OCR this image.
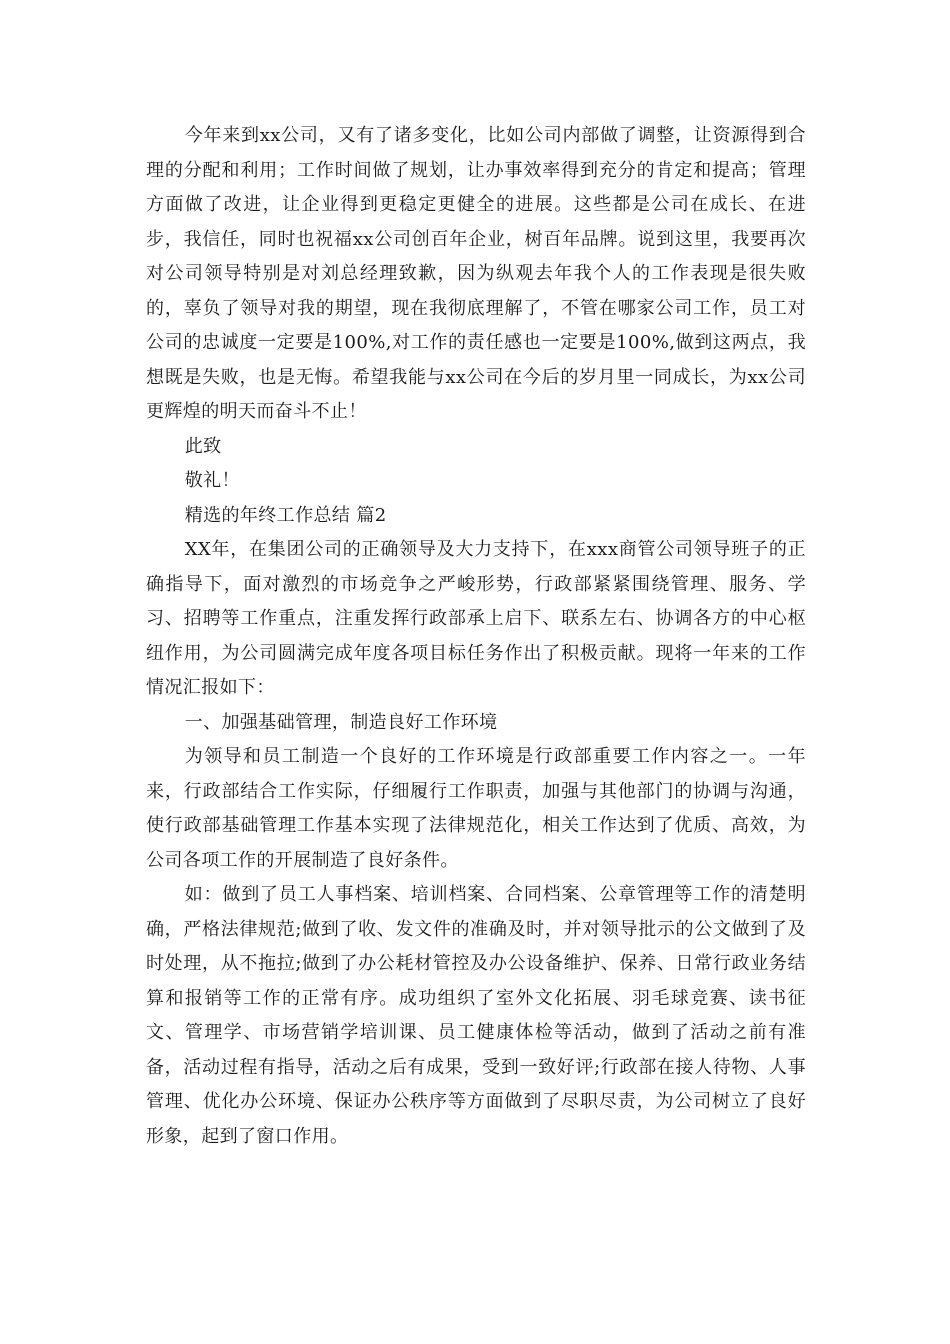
今年来到xx公司，又有了诸多变化，比如公司内部做了调整，让资源得到合理的分配和利用；工作时间做了规划，让办事效率得到充分的肯定和提高；管理方面做了改进，让企业得到更稳定更健全的进展。这些都是公司在成长、在进步，我信任，同时也祝福xx公司创百年企业，树百年品牌。说到这里，我要再次对公司领导特别是对刘总经理致歉，因为纵观去年我个人的工作表现是很失败的，辜负了领导对我的期望，现在我彻底理解了，不管在哪家公司工作，员工对公司的忠诚度一定要是100%,对工作的责任感也一定要是100%,做到这两点，我想既是失败，也是无悔。希望我能与xx公司在今后的岁月里一同成长，为xx公司更辉煌的明天而奋斗不止！

此致

敬礼！

精选的年终工作总结 篇2

XX年，在集团公司的正确领导及大力支持下，在xxx商管公司领导班子的正确指导下，面对激烈的市场竞争之严峻形势，行政部紧紧围绕管理、服务、学习、招聘等工作重点，注重发挥行政部承上启下、联系左右、协调各方的中心枢纽作用，为公司圆满完成年度各项目标任务作出了积极贡献。现将一年来的工作情况汇报如下：

一、加强基础管理，制造良好工作环境

为领导和员工制造一个良好的工作环境是行政部重要工作内容之一。一年来，行政部结合工作实际，仔细履行工作职责，加强与其他部门的协调与沟通，使行政部基础管理工作基本实现了法律规范化，相关工作达到了优质、高效，为公司各项工作的开展制造了良好条件。

如：做到了员工人事档案、培训档案、合同档案、公章管理等工作的清楚明确，严格法律规范;做到了收、发文件的准确及时，并对领导批示的公文做到了及时处理，从不拖拉;做到了办公耗材管控及办公设备维护、保养、日常行政业务结算和报销等工作的正常有序。成功组织了室外文化拓展、羽毛球竞赛、读书征文、管理学、市场营销学培训课、员工健康体检等活动，做到了活动之前有准备，活动过程有指导，活动之后有成果，受到一致好评;行政部在接人待物、人事管理、优化办公环境、保证办公秩序等方面做到了尽职尽责，为公司树立了良好形象，起到了窗口作用。
